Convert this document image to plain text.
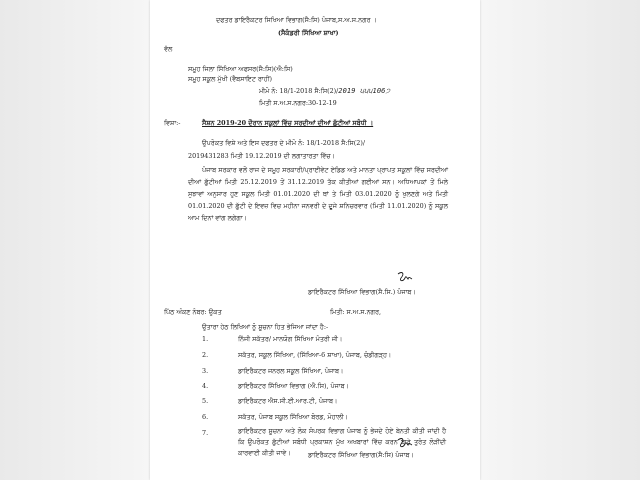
ਦਫਤਰ ਡਾਇਰੈਕਟਰ ਸਿਖਿਆ ਵਿਭਾਗ(ਸੈ:ਸਿ) ਪੰਜਾਬ,ਸ.ਅ.ਸ.ਨਗਰ ।
(ਸੈਕੰਡਰੀ ਸਿੱਖਿਆ ਸ਼ਾਖਾ)
ਵੱਲ
ਸਮੂਹ ਜਿਲਾ ਸਿੱਖਿਆ ਅਫਸਰ(ਸੈ:ਸਿ)(ਐ:ਸਿ)
ਸਮੂਹ ਸਕੂਲ ਮੁੱਖੀ (ਵੈਬਸਾਇਟ ਰਾਹੀਂ)
ਮੀਮੋ ਨੰ: 18/1-2018 ਸੈ:ਸਿ(2)/2019 ੫੫੫106੭
ਮਿਤੀ ਸ.ਅ.ਸ.ਨਗਰ:30-12-19
ਵਿਸ਼ਾ:-	ਸੈਸ਼ਨ 2019-20 ਦੌਰਾਨ ਸਕੂਲਾਂ ਵਿੱਚ ਸਰਦੀਆਂ ਦੀਆਂ ਛੁੱਟੀਆਂ ਸਬੰਧੀ ।
ਉਪਰੋਕਤ ਵਿਸ਼ੇ ਅਤੇ ਇਸ ਦਫਤਰ ਦੇ ਮੀਮੋ ਨੰ: 18/1-2018 ਸੈ:ਸਿ(2)/
2019431283 ਮਿਤੀ 19.12.2019 ਦੀ ਲਗਾਤਾਰਤਾ ਵਿੱਚ।
ਪੰਜਾਬ ਸਰਕਾਰ ਵਲੋਂ ਰਾਜ ਦੇ ਸਮੂਹ ਸਰਕਾਰੀ/ਪ੍ਰਾਈਵੇਟ ਏਡਿਡ ਅਤੇ ਮਾਨਤਾ ਪ੍ਰਾਪਤ ਸਕੂਲਾਂ ਵਿੱਚ ਸਰਦੀਆਂ ਦੀਆਂ ਛੁੱਟੀਆਂ ਮਿਤੀ 25.12.2019 ਤੋਂ 31.12.2019 ਤੱਕ ਕੀਤੀਆਂ ਗਈਆਂ ਸਨ। ਅਧਿਆਪਕਾਂ ਤੋਂ ਮਿਲੇ ਸੁਝਾਵਾਂ ਅਨੁਸਾਰ ਹੁਣ ਸਕੂਲ ਮਿਤੀ 01.01.2020 ਦੀ ਥਾਂ ਤੇ ਮਿਤੀ 03.01.2020 ਨੂੰ ਖੁਲਣਗੇ ਅਤੇ ਮਿਤੀ 01.01.2020 ਦੀ ਛੁੱਟੀ ਦੇ ਇਵਜ਼ ਵਿਚ ਮਹੀਨਾ ਜਨਵਰੀ ਦੇ ਦੂਜੇ ਸ਼ਨਿਚਰਵਾਰ (ਮਿਤੀ 11.01.2020) ਨੂੰ ਸਕੂਲ ਆਮ ਦਿਨਾਂ ਵਾਂਗ ਲਗੇਗਾ।
ਡਾਇਰੈਕਟਰ ਸਿੱਖਿਆ ਵਿਭਾਗ(ਸੈ.ਸਿ.) ਪੰਜਾਬ।
ਪਿੱਠ ਅੰਕਣ ਨੰਬਰ: ਉਕਤ	ਮਿਤੀ: ਸ.ਅ.ਸ.ਨਗਰ,
ਉਤਾਰਾ ਹੇਠ ਲਿਖਿਆਂ ਨੂੰ ਸੂਚਨਾ ਹਿਤ ਭੇਜਿਆ ਜਾਂਦਾ ਹੈ:-
1.	ਨਿੱਜੀ ਸਕੱਤਰ/ ਮਾਨਯੋਗ ਸਿੱਖਿਆ ਮੰਤਰੀ ਜੀ।
2.	ਸਕੱਤਰ, ਸਕੂਲ ਸਿੱਖਿਆ, (ਸਿੱਖਿਆ-6 ਸ਼ਾਖਾ), ਪੰਜਾਬ, ਚੰਡੀਗੜ੍ਹ।
3.	ਡਾਇਰੈਕਟਰ ਜਨਰਲ ਸਕੂਲ ਸਿੱਖਿਆ, ਪੰਜਾਬ।
4.	ਡਾਇਰੈਕਟਰ ਸਿੱਖਿਆ ਵਿਭਾਗ (ਐ.ਸਿ), ਪੰਜਾਬ।
5.	ਡਾਇਰੈਕਟਰ ਐਸ.ਸੀ.ਈ.ਆਰ.ਟੀ, ਪੰਜਾਬ।
6.	ਸਕੱਤਰ, ਪੰਜਾਬ ਸਕੂਲ ਸਿੱਖਿਆ ਬੋਰਡ, ਮੋਹਾਲੀ।
7.	ਡਾਇਰੈਕਟਰ ਸੂਚਨਾ ਅਤੇ ਲੋਕ ਸੰਪਰਕ ਵਿਭਾਗ ਪੰਜਾਬ ਨੂੰ ਭੇਜਦੇ ਹੋਏ ਬੇਨਤੀ ਕੀਤੀ ਜਾਂਦੀ ਹੈ ਕਿ ਉਪਰੋਕਤ ਛੁੱਟੀਆਂ ਸਬੰਧੀ ਪ੍ਰਕਾਸ਼ਨ ਮੁੱਖ ਅਖਬਾਰਾਂ ਵਿੱਚ ਕਰਨ ਬਾਰੇ ਤੁਰੰਤ ਲੋੜੀਂਦੀ ਕਾਰਵਾਈ ਕੀਤੀ ਜਾਵੇ।	ਡਾਇਰੈਕਟਰ ਸਿੱਖਿਆ ਵਿਭਾਗ(ਸੈ:ਸਿ) ਪੰਜਾਬ।
